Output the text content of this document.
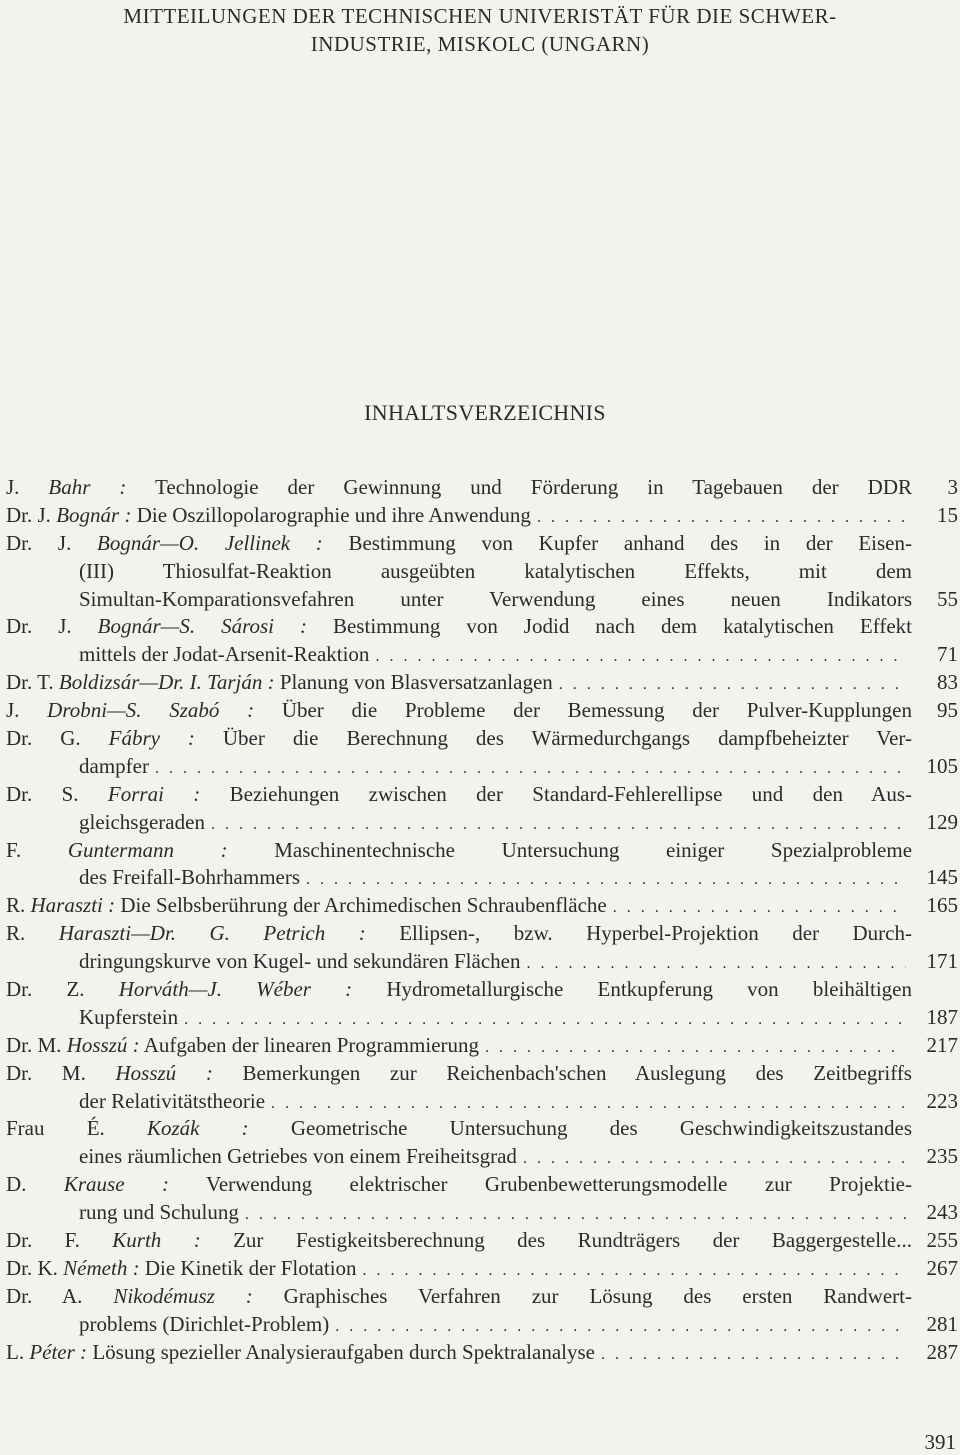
MITTEILUNGEN DER TECHNISCHEN UNIVERISTÄT FÜR DIE SCHWER-
INDUSTRIE, MISKOLC (UNGARN)
INHALTSVERZEICHNIS
J. Bahr : Technologie der Gewinnung und Förderung in Tagebauen der DDR	3
Dr. J. Bognár : Die Oszillopolarographie und ihre Anwendung . . .	15
Dr. J. Bognár—O. Jellinek : Bestimmung von Kupfer anhand des in der Eisen-
(III) Thiosulfat-Reaktion ausgeübten katalytischen Effekts, mit dem
Simultan-Komparationsvefahren unter Verwendung eines neuen Indikators	55
Dr. J. Bognár—S. Sárosi : Bestimmung von Jodid nach dem katalytischen Effekt
mittels der Jodat-Arsenit-Reaktion . . .	71
Dr. T. Boldizsár—Dr. I. Tarján : Planung von Blasversatzanlagen . . .	83
J. Drobni—S. Szabó : Über die Probleme der Bemessung der Pulver-Kupplungen	95
Dr. G. Fábry : Über die Berechnung des Wärmedurchgangs dampfbeheizter Ver-
dampfer . . .	105
Dr. S. Forrai : Beziehungen zwischen der Standard-Fehlerellipse und den Aus-
gleichsgeraden . . .	129
F. Guntermann : Maschinentechnische Untersuchung einiger Spezialprobleme
des Freifall-Bohrhammers . . .	145
R. Haraszti : Die Selbsberührung der Archimedischen Schraubenfläche . . .	165
R. Haraszti—Dr. G. Petrich : Ellipsen-, bzw. Hyperbel-Projektion der Durch-
dringungskurve von Kugel- und sekundären Flächen . . .	171
Dr. Z. Horváth—J. Wéber : Hydrometallurgische Entkupferung von bleihältigen
Kupferstein . . .	187
Dr. M. Hosszú : Aufgaben der linearen Programmierung . . .	217
Dr. M. Hosszú : Bemerkungen zur Reichenbach'schen Auslegung des Zeitbegriffs
der Relativitätstheorie . . .	223
Frau É. Kozák : Geometrische Untersuchung des Geschwindigkeitszustandes
eines räumlichen Getriebes von einem Freiheitsgrad . . .	235
D. Krause : Verwendung elektrischer Grubenbewetterungsmodelle zur Projektie-
rung und Schulung . . .	243
Dr. F. Kurth : Zur Festigkeitsberechnung des Rundträgers der Baggergestelle... 255
Dr. K. Németh : Die Kinetik der Flotation . . .	267
Dr. A. Nikodémusz : Graphisches Verfahren zur Lösung des ersten Randwert-
problems (Dirichlet-Problem) . . .	281
L. Péter : Lösung spezieller Analysieraufgaben durch Spektralanalyse . . .	287
391
